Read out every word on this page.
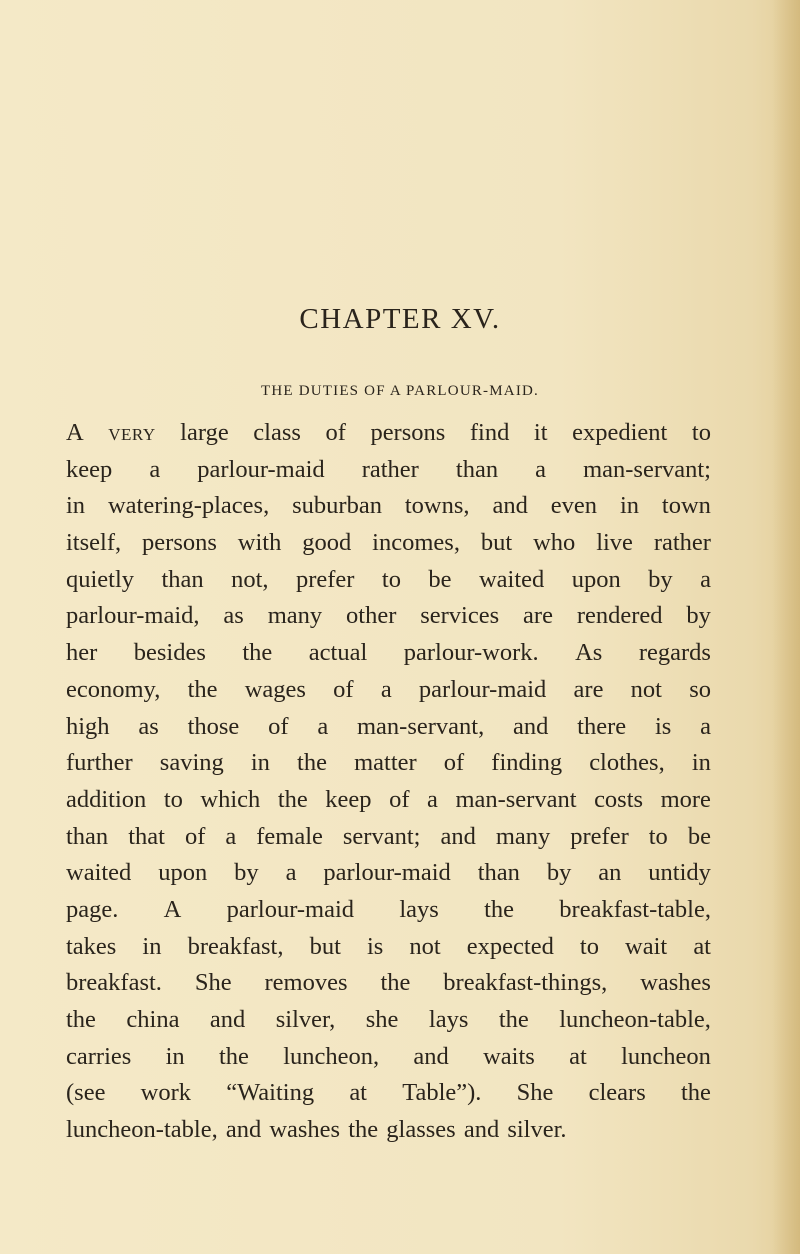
CHAPTER XV.
THE DUTIES OF A PARLOUR-MAID.
A very large class of persons find it expedient to
keep a parlour-maid rather than a man-servant;
in watering-places, suburban towns, and even in town
itself, persons with good incomes, but who live rather
quietly than not, prefer to be waited upon by a
parlour-maid, as many other services are rendered by
her besides the actual parlour-work. As regards
economy, the wages of a parlour-maid are not so
high as those of a man-servant, and there is a
further saving in the matter of finding clothes, in
addition to which the keep of a man-servant costs more
than that of a female servant; and many prefer to be
waited upon by a parlour-maid than by an untidy
page. A parlour-maid lays the breakfast-table,
takes in breakfast, but is not expected to wait at
breakfast. She removes the breakfast-things, washes
the china and silver, she lays the luncheon-table,
carries in the luncheon, and waits at luncheon
(see work “Waiting at Table”). She clears the
luncheon-table, and washes the glasses and silver.
